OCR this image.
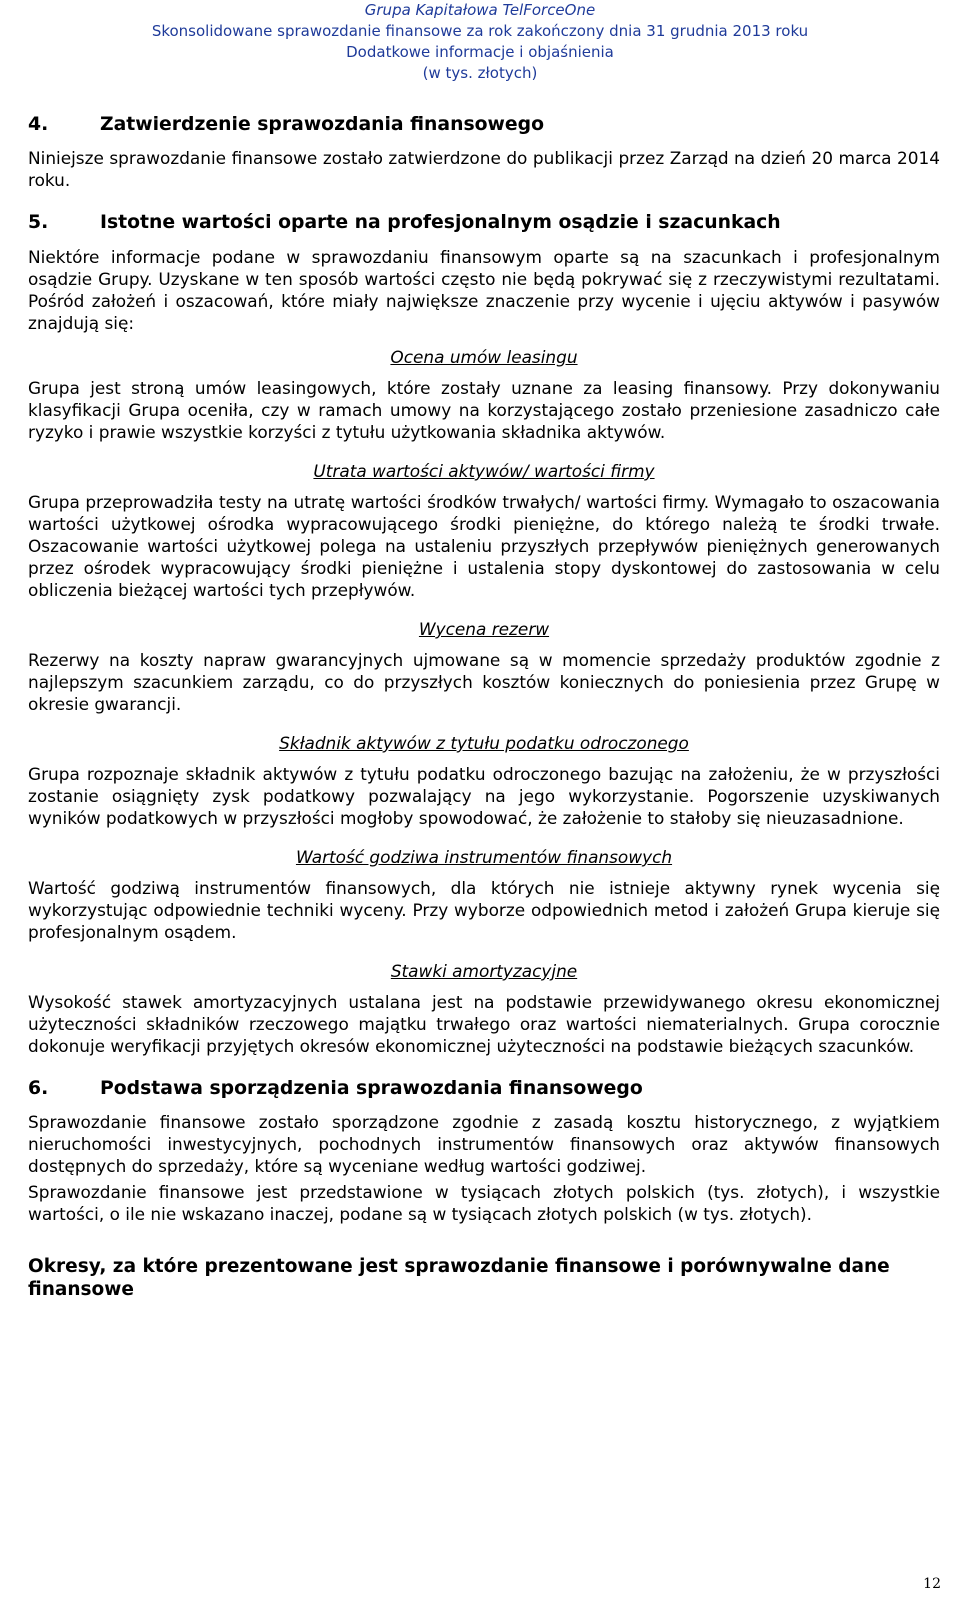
Grupa Kapitałowa TelForceOne
Skonsolidowane sprawozdanie finansowe za rok zakończony dnia 31 grudnia 2013 roku
Dodatkowe informacje i objaśnienia
(w tys. złotych)
4.	Zatwierdzenie sprawozdania finansowego

Niniejsze sprawozdanie finansowe zostało zatwierdzone do publikacji przez Zarząd na dzień 20 marca 2014 roku.

5.	Istotne wartości oparte na profesjonalnym osądzie i szacunkach

Niektóre informacje podane w sprawozdaniu finansowym oparte są na szacunkach i profesjonalnym osądzie Grupy. Uzyskane w ten sposób wartości często nie będą pokrywać się z rzeczywistymi rezultatami. Pośród założeń i oszacowań, które miały największe znaczenie przy wycenie i ujęciu aktywów i pasywów znajdują się:

Ocena umów leasingu

Grupa jest stroną umów leasingowych, które zostały uznane za leasing finansowy. Przy dokonywaniu klasyfikacji Grupa oceniła, czy w ramach umowy na korzystającego zostało przeniesione zasadniczo całe ryzyko i prawie wszystkie korzyści z tytułu użytkowania składnika aktywów.

Utrata wartości aktywów/ wartości firmy

Grupa przeprowadziła testy na utratę wartości środków trwałych/ wartości firmy. Wymagało to oszacowania wartości użytkowej ośrodka wypracowującego środki pieniężne, do którego należą te środki trwałe. Oszacowanie wartości użytkowej polega na ustaleniu przyszłych przepływów pieniężnych generowanych przez ośrodek wypracowujący środki pieniężne i ustalenia stopy dyskontowej do zastosowania w celu obliczenia bieżącej wartości tych przepływów.

Wycena rezerw

Rezerwy na koszty napraw gwarancyjnych ujmowane są w momencie sprzedaży produktów zgodnie z najlepszym szacunkiem zarządu, co do przyszłych kosztów koniecznych do poniesienia przez Grupę w okresie gwarancji.

Składnik aktywów z tytułu podatku odroczonego

Grupa rozpoznaje składnik aktywów z tytułu podatku odroczonego bazując na założeniu, że w przyszłości zostanie osiągnięty zysk podatkowy pozwalający na jego wykorzystanie. Pogorszenie uzyskiwanych wyników podatkowych w przyszłości mogłoby spowodować, że założenie to stałoby się nieuzasadnione.

Wartość godziwa instrumentów finansowych

Wartość godziwą instrumentów finansowych, dla których nie istnieje aktywny rynek wycenia się wykorzystując odpowiednie techniki wyceny. Przy wyborze odpowiednich metod i założeń Grupa kieruje się profesjonalnym osądem.

Stawki amortyzacyjne

Wysokość stawek amortyzacyjnych ustalana jest na podstawie przewidywanego okresu ekonomicznej użyteczności składników rzeczowego majątku trwałego oraz wartości niematerialnych. Grupa corocznie dokonuje weryfikacji przyjętych okresów ekonomicznej użyteczności na podstawie bieżących szacunków.

6.	Podstawa sporządzenia sprawozdania finansowego

Sprawozdanie finansowe zostało sporządzone zgodnie z zasadą kosztu historycznego, z wyjątkiem nieruchomości inwestycyjnych, pochodnych instrumentów finansowych oraz aktywów finansowych dostępnych do sprzedaży, które są wyceniane według wartości godziwej.

Sprawozdanie finansowe jest przedstawione w tysiącach złotych polskich (tys. złotych), i wszystkie wartości, o ile nie wskazano inaczej, podane są w tysiącach złotych polskich (w tys. złotych).

Okresy, za które prezentowane jest sprawozdanie finansowe i porównywalne dane finansowe

12
